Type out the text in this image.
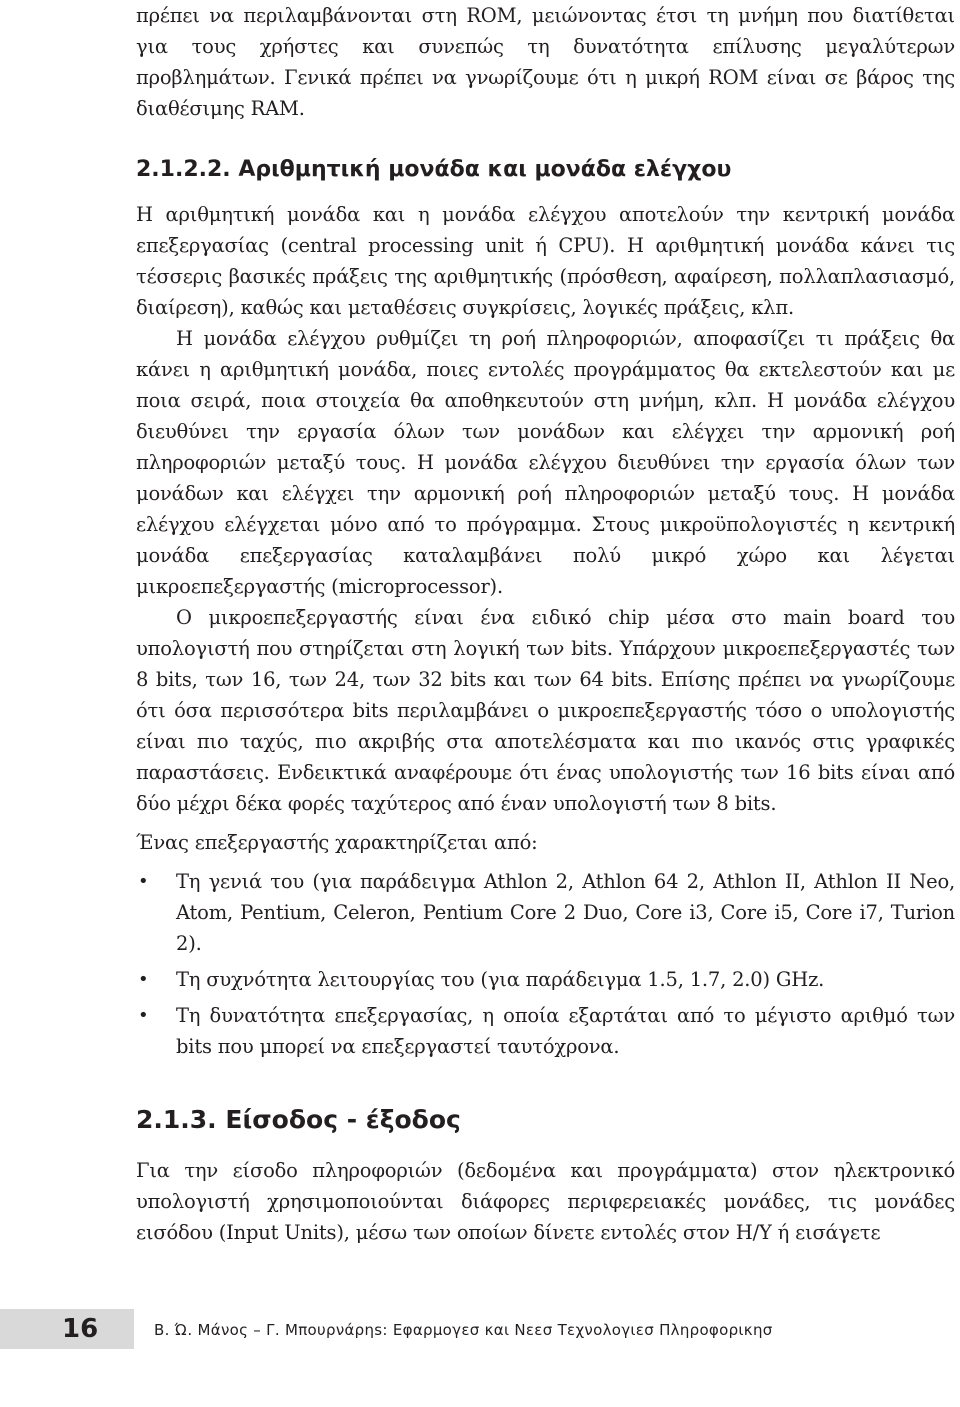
πρέπει να περιλαμβάνονται στη ROM, μειώνοντας έτσι τη μνήμη που διατίθεται για τους χρήστες και συνεπώς τη δυνατότητα επίλυσης μεγαλύτερων προβλημάτων. Γενικά πρέπει να γνωρίζουμε ότι η μικρή ROM είναι σε βάρος της διαθέσιμης RAM.

2.1.2.2. Αριθμητική μονάδα και μονάδα ελέγχου

Η αριθμητική μονάδα και η μονάδα ελέγχου αποτελούν την κεντρική μονάδα επεξεργασίας (central processing unit ή CPU). Η αριθμητική μονάδα κάνει τις τέσσερις βασικές πράξεις της αριθμητικής (πρόσθεση, αφαίρεση, πολλαπλασιασμό, διαίρεση), καθώς και μεταθέσεις συγκρίσεις, λογικές πράξεις, κλπ.

Η μονάδα ελέγχου ρυθμίζει τη ροή πληροφοριών, αποφασίζει τι πράξεις θα κάνει η αριθμητική μονάδα, ποιες εντολές προγράμματος θα εκτελεστούν και με ποια σειρά, ποια στοιχεία θα αποθηκευτούν στη μνήμη, κλπ. Η μονάδα ελέγχου διευθύνει την εργασία όλων των μονάδων και ελέγχει την αρμονική ροή πληροφοριών μεταξύ τους. Η μονάδα ελέγχου διευθύνει την εργασία όλων των μονάδων και ελέγχει την αρμονική ροή πληροφοριών μεταξύ τους. Η μονάδα ελέγχου ελέγχεται μόνο από το πρόγραμμα. Στους μικροϋπολογιστές η κεντρική μονάδα επεξεργασίας καταλαμβάνει πολύ μικρό χώρο και λέγεται μικροεπεξεργαστής (microprocessor).

Ο μικροεπεξεργαστής είναι ένα ειδικό chip μέσα στο main board του υπολογιστή που στηρίζεται στη λογική των bits. Υπάρχουν μικροεπεξεργαστές των 8 bits, των 16, των 24, των 32 bits και των 64 bits. Επίσης πρέπει να γνωρίζουμε ότι όσα περισσότερα bits περιλαμβάνει ο μικροεπεξεργαστής τόσο ο υπολογιστής είναι πιο ταχύς, πιο ακριβής στα αποτελέσματα και πιο ικανός στις γραφικές παραστάσεις. Ενδεικτικά αναφέρουμε ότι ένας υπολογιστής των 16 bits είναι από δύο μέχρι δέκα φορές ταχύτερος από έναν υπολογιστή των 8 bits.

Ένας επεξεργαστής χαρακτηρίζεται από:
• Τη γενιά του (για παράδειγμα Athlon 2, Athlon 64 2, Athlon II, Athlon II Neo, Atom, Pentium, Celeron, Pentium Core 2 Duo, Core i3, Core i5, Core i7, Turion 2).
• Τη συχνότητα λειτουργίας του (για παράδειγμα 1.5, 1.7, 2.0) GHz.
• Τη δυνατότητα επεξεργασίας, η οποία εξαρτάται από το μέγιστο αριθμό των bits που μπορεί να επεξεργαστεί ταυτόχρονα.
2.1.3. Είσοδος - έξοδος

Για την είσοδο πληροφοριών (δεδομένα και προγράμματα) στον ηλεκτρονικό υπολογιστή χρησιμοποιούνται διάφορες περιφερειακές μονάδες, τις μονάδες εισόδου (Input Units), μέσω των οποίων δίνετε εντολές στον Η/Υ ή εισάγετε

16	Β. Ώ. Μάνος – Γ. Μπουρνάρηs: Εφαρμογεσ και Νεεσ Τεχνολογιεσ Πληροφορικησ
